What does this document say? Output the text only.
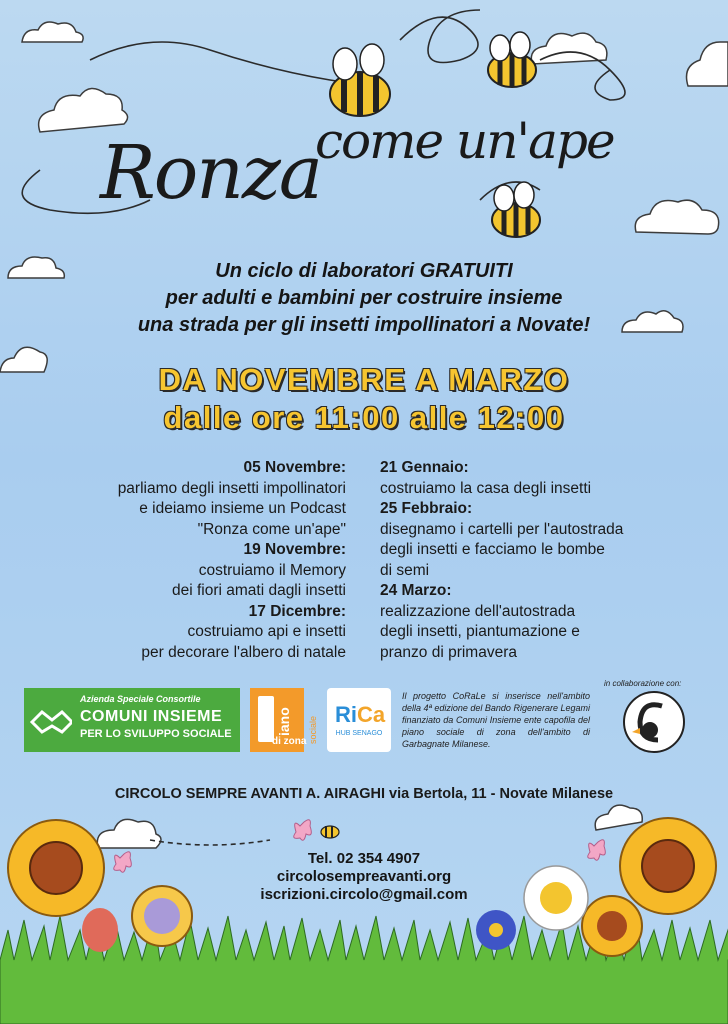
Ronza
come un'ape
Un ciclo di laboratori GRATUITI
per adulti e bambini per costruire insieme
una strada per gli insetti impollinatori a Novate!
DA NOVEMBRE A MARZO
dalle ore 11:00 alle 12:00
05 Novembre:
parliamo degli insetti impollinatori
e ideiamo insieme un Podcast
"Ronza come un'ape"
19 Novembre:
costruiamo il Memory
dei fiori amati dagli insetti
17 Dicembre:
costruiamo api e insetti
per decorare l'albero di natale
21 Gennaio:
costruiamo la casa degli insetti
25 Febbraio:
disegnamo i cartelli per l'autostrada
degli insetti e facciamo le bombe
di semi
24 Marzo:
realizzazione dell'autostrada
degli insetti, piantumazione e
pranzo di primavera
Azienda Speciale Consortile
COMUNI INSIEME
PER LO SVILUPPO SOCIALE	iano
di zona sociale
RiCa
HUB SENAGO
Il progetto CoRaLe si inserisce nell'ambito della 4ª edizione del Bando Rigenerare Legami finanziato da Comuni Insieme ente capofila del piano sociale di zona dell'ambito di Garbagnate Milanese.
in collaborazione con:
CIRCOLO SEMPRE AVANTI A. AIRAGHI via Bertola, 11 - Novate Milanese
Tel. 02 354 4907
circolosempreavanti.org
iscrizioni.circolo@gmail.com
